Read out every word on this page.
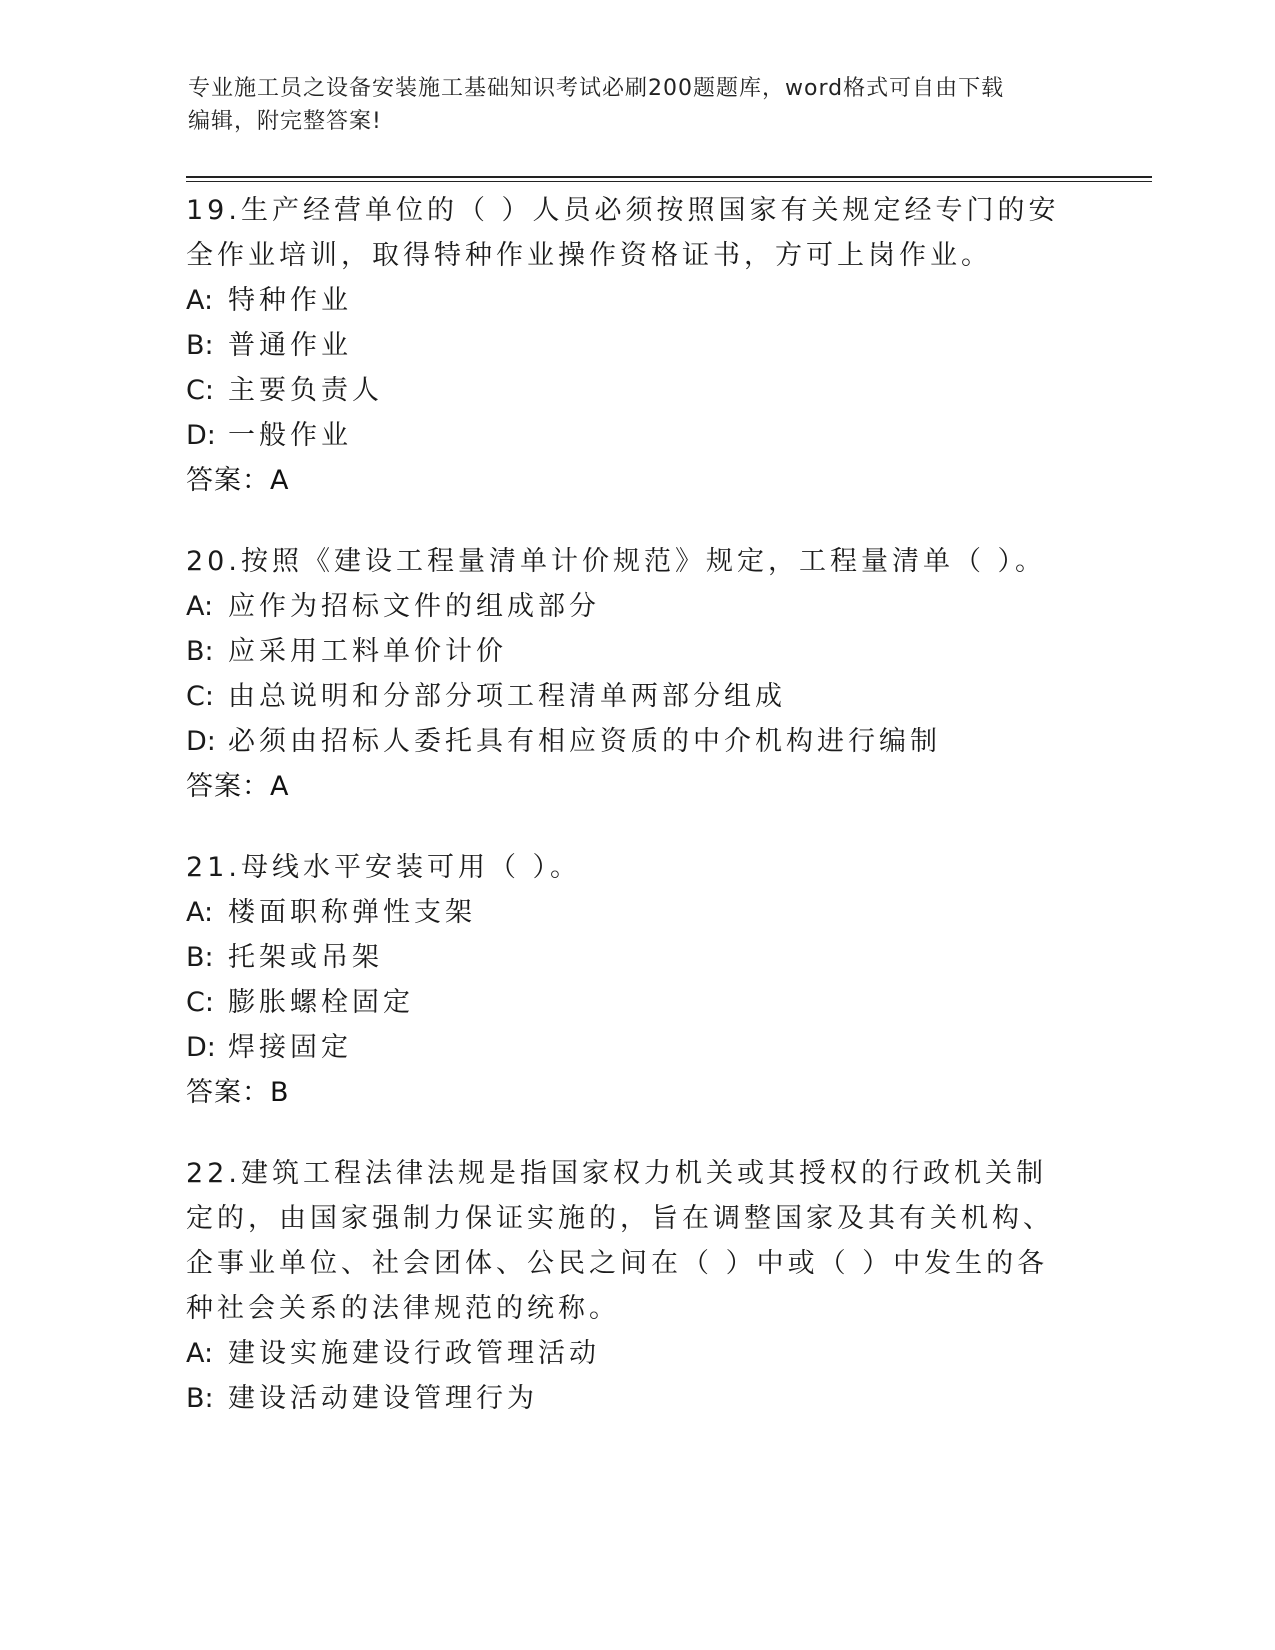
专业施工员之设备安装施工基础知识考试必刷200题题库，word格式可自由下载
编辑，附完整答案!
19.生产经营单位的（ ）人员必须按照国家有关规定经专门的安全作业培训，取得特种作业操作资格证书，方可上岗作业。
A: 特种作业
B: 普通作业
C: 主要负责人
D: 一般作业
答案：A
20.按照《建设工程量清单计价规范》规定，工程量清单（ ）。
A: 应作为招标文件的组成部分
B: 应采用工料单价计价
C: 由总说明和分部分项工程清单两部分组成
D: 必须由招标人委托具有相应资质的中介机构进行编制
答案：A
21.母线水平安装可用（ ）。
A: 楼面职称弹性支架
B: 托架或吊架
C: 膨胀螺栓固定
D: 焊接固定
答案：B
22.建筑工程法律法规是指国家权力机关或其授权的行政机关制定的，由国家强制力保证实施的，旨在调整国家及其有关机构、企事业单位、社会团体、公民之间在（ ）中或（ ）中发生的各种社会关系的法律规范的统称。
A: 建设实施建设行政管理活动
B: 建设活动建设管理行为
